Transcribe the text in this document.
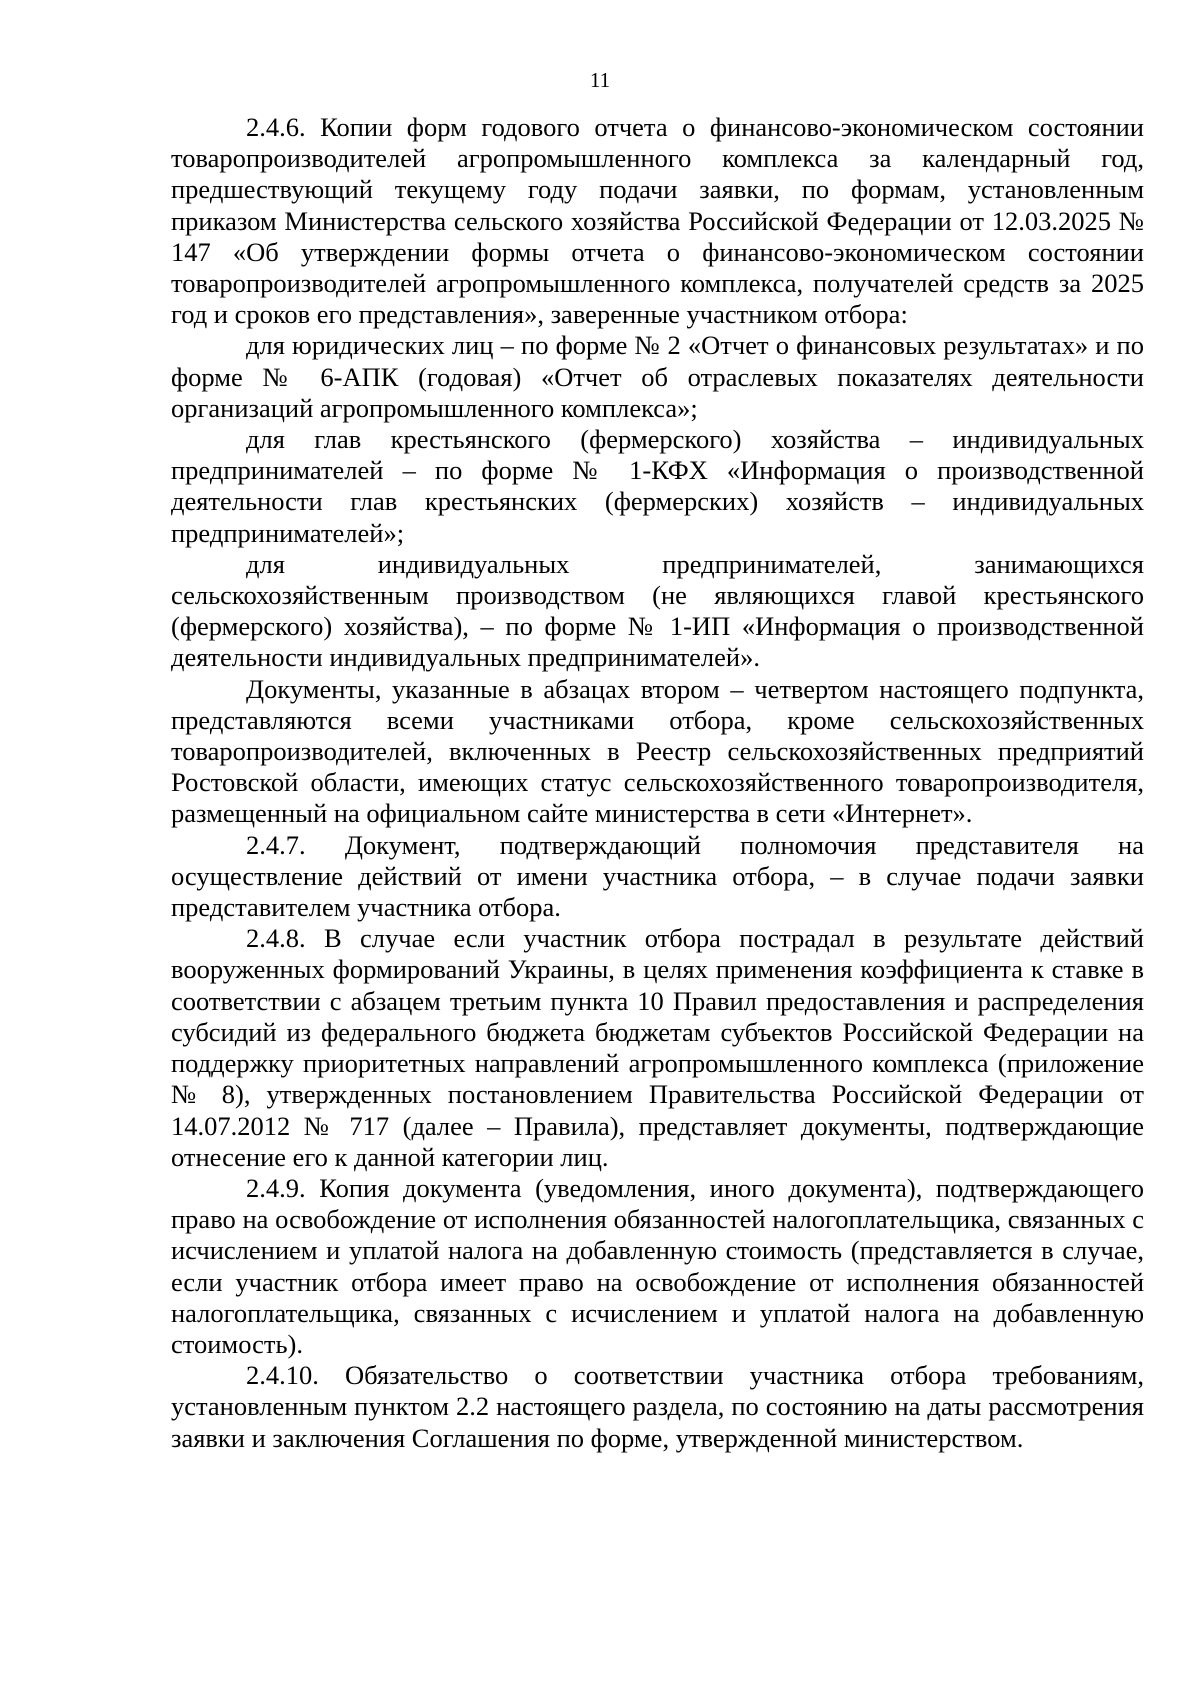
11

2.4.6. Копии форм годового отчета о финансово-экономическом состоянии товаропроизводителей агропромышленного комплекса за календарный год, предшествующий текущему году подачи заявки, по формам, установленным приказом Министерства сельского хозяйства Российской Федерации от 12.03.2025 № 147 «Об утверждении формы отчета о финансово-экономическом состоянии товаропроизводителей агропромышленного комплекса, получателей средств за 2025 год и сроков его представления», заверенные участником отбора:

для юридических лиц – по форме № 2 «Отчет о финансовых результатах» и по форме № 6-АПК (годовая) «Отчет об отраслевых показателях деятельности организаций агропромышленного комплекса»;

для глав крестьянского (фермерского) хозяйства – индивидуальных предпринимателей – по форме № 1-КФХ «Информация о производственной деятельности глав крестьянских (фермерских) хозяйств – индивидуальных предпринимателей»;

для индивидуальных предпринимателей, занимающихся сельскохозяйственным производством (не являющихся главой крестьянского (фермерского) хозяйства), – по форме № 1-ИП «Информация о производственной деятельности индивидуальных предпринимателей».

Документы, указанные в абзацах втором – четвертом настоящего подпункта, представляются всеми участниками отбора, кроме сельскохозяйственных товаропроизводителей, включенных в Реестр сельскохозяйственных предприятий Ростовской области, имеющих статус сельскохозяйственного товаропроизводителя, размещенный на официальном сайте министерства в сети «Интернет».

2.4.7. Документ, подтверждающий полномочия представителя на осуществление действий от имени участника отбора, – в случае подачи заявки представителем участника отбора.

2.4.8. В случае если участник отбора пострадал в результате действий вооруженных формирований Украины, в целях применения коэффициента к ставке в соответствии с абзацем третьим пункта 10 Правил предоставления и распределения субсидий из федерального бюджета бюджетам субъектов Российской Федерации на поддержку приоритетных направлений агропромышленного комплекса (приложение № 8), утвержденных постановлением Правительства Российской Федерации от 14.07.2012 № 717 (далее – Правила), представляет документы, подтверждающие отнесение его к данной категории лиц.

2.4.9. Копия документа (уведомления, иного документа), подтверждающего право на освобождение от исполнения обязанностей налогоплательщика, связанных с исчислением и уплатой налога на добавленную стоимость (представляется в случае, если участник отбора имеет право на освобождение от исполнения обязанностей налогоплательщика, связанных с исчислением и уплатой налога на добавленную стоимость).

2.4.10. Обязательство о соответствии участника отбора требованиям, установленным пунктом 2.2 настоящего раздела, по состоянию на даты рассмотрения заявки и заключения Соглашения по форме, утвержденной министерством.
